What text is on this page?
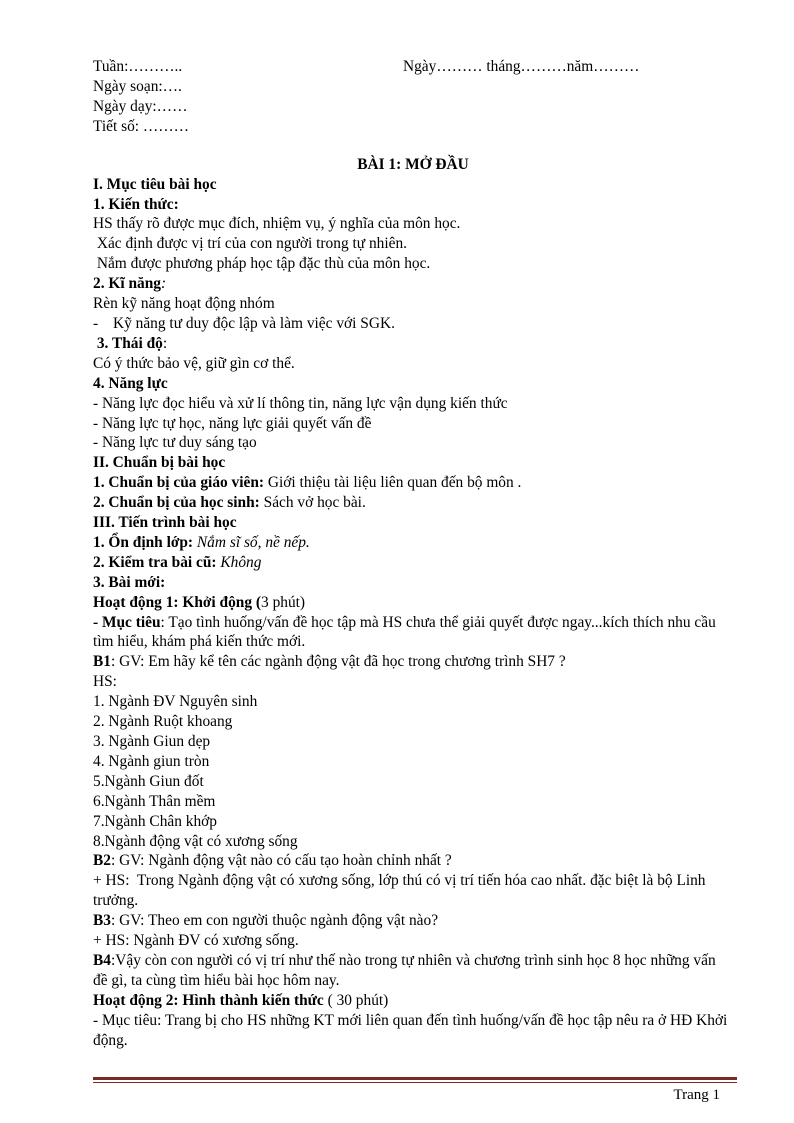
Tuần:………..	Ngày……… tháng………năm………

Ngày soạn:….

Ngày dạy:……

Tiết số: ………

BÀI 1: MỞ ĐẦU

I. Mục tiêu bài học

1. Kiến thức:

HS thấy rõ được mục đích, nhiệm vụ, ý nghĩa của môn học.

Xác định được vị trí của con người trong tự nhiên.

Nắm được phương pháp học tập đặc thù của môn học.

2. Kĩ năng:

Rèn kỹ năng hoạt động nhóm

- Kỹ năng tư duy độc lập và làm việc với SGK.

3. Thái độ:

Có ý thức bảo vệ, giữ gìn cơ thể.

4. Năng lực

- Năng lực đọc hiểu và xử lí thông tin, năng lực vận dụng kiến thức

- Năng lực tự học, năng lực giải quyết vấn đề

- Năng lực tư duy sáng tạo

II. Chuẩn bị bài học

1. Chuẩn bị của giáo viên: Giới thiệu tài liệu liên quan đến bộ môn .

2. Chuẩn bị của học sinh: Sách vở học bài.

III. Tiến trình bài học

1. Ổn định lớp: Nắm sĩ số, nề nếp.

2. Kiểm tra bài cũ: Không

3. Bài mới:

Hoạt động 1: Khởi động (3 phút)

- Mục tiêu: Tạo tình huống/vấn đề học tập mà HS chưa thể giải quyết được ngay...kích thích nhu cầu tìm hiểu, khám phá kiến thức mới.

B1: GV: Em hãy kể tên các ngành động vật đã học trong chương trình SH7 ?

HS:

1. Ngành ĐV Nguyên sinh

2. Ngành Ruột khoang

3. Ngành Giun dẹp

4. Ngành giun tròn

5.Ngành Giun đốt

6.Ngành Thân mềm

7.Ngành Chân khớp

8.Ngành động vật có xương sống

B2: GV: Ngành động vật nào có cấu tạo hoàn chỉnh nhất ?

+ HS:  Trong Ngành động vật có xương sống, lớp thú có vị trí tiến hóa cao nhất. đặc biệt là bộ Linh trưởng.

B3: GV: Theo em con người thuộc ngành động vật nào?

+ HS: Ngành ĐV có xương sống.

B4:Vậy còn con người có vị trí như thế nào trong tự nhiên và chương trình sinh học 8 học những vấn đề gì, ta cùng tìm hiểu bài học hôm nay.

Hoạt động 2: Hình thành kiến thức ( 30 phút)

- Mục tiêu: Trang bị cho HS những KT mới liên quan đến tình huống/vấn đề học tập nêu ra ở HĐ Khởi động.

Trang 1
